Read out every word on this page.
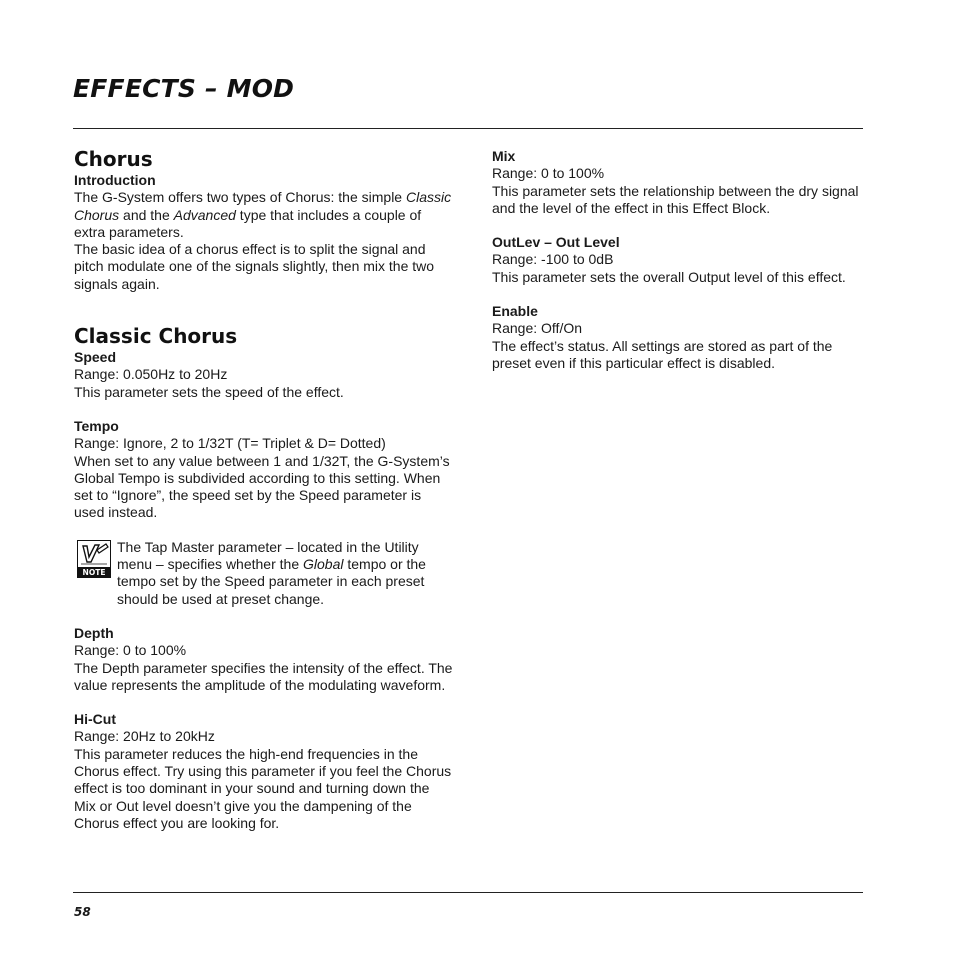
EFFECTS – MOD
Chorus
Introduction

The G-System offers two types of Chorus: the simple Classic Chorus and the Advanced type that includes a couple of extra parameters.

The basic idea of a chorus effect is to split the signal and pitch modulate one of the signals slightly, then mix the two signals again.

Classic Chorus
Speed

Range: 0.050Hz to 20Hz

This parameter sets the speed of the effect.

Tempo

Range: Ignore, 2 to 1/32T (T= Triplet & D= Dotted)

When set to any value between 1 and 1/32T, the G-System’s Global Tempo is subdivided according to this setting. When set to “Ignore”, the speed set by the Speed parameter is used instead.

NOTE

The Tap Master parameter – located in the Utility menu – specifies whether the Global tempo or the tempo set by the Speed parameter in each preset should be used at preset change.

Depth

Range: 0 to 100%

The Depth parameter specifies the intensity of the effect. The value represents the amplitude of the modulating waveform.

Hi-Cut

Range: 20Hz to 20kHz

This parameter reduces the high-end frequencies in the Chorus effect. Try using this parameter if you feel the Chorus effect is too dominant in your sound and turning down the Mix or Out level doesn’t give you the dampening of the Chorus effect you are looking for.

Mix

Range: 0 to 100%

This parameter sets the relationship between the dry signal and the level of the effect in this Effect Block.

OutLev – Out Level

Range: -100 to 0dB

This parameter sets the overall Output level of this effect.

Enable

Range: Off/On

The effect’s status. All settings are stored as part of the preset even if this particular effect is disabled.

58
